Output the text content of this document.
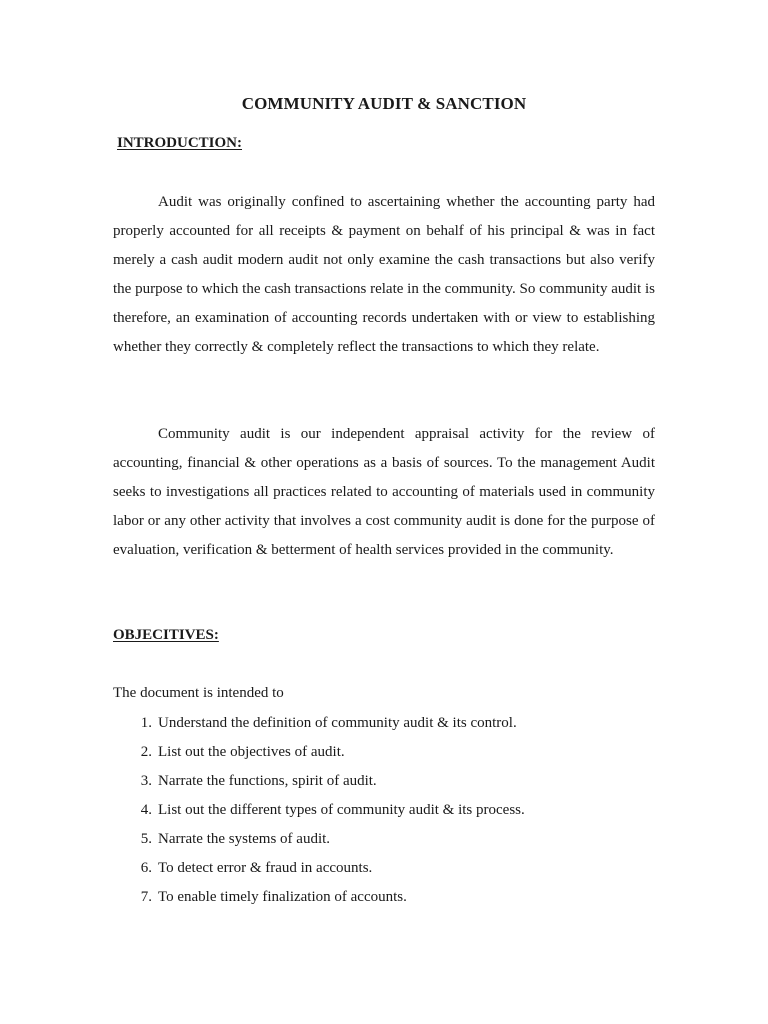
COMMUNITY AUDIT & SANCTION
INTRODUCTION:

Audit was originally confined to ascertaining whether the accounting party had properly accounted for all receipts & payment on behalf of his principal & was in fact merely a cash audit modern audit not only examine the cash transactions but also verify the purpose to which the cash transactions relate in the community. So community audit is therefore, an examination of accounting records undertaken with or view to establishing whether they correctly & completely reflect the transactions to which they relate.

Community audit is our independent appraisal activity for the review of accounting, financial & other operations as a basis of sources. To the management Audit seeks to investigations all practices related to accounting of materials used in community labor or any other activity that involves a cost community audit is done for the purpose of evaluation, verification & betterment of health services provided in the community.

OBJECITIVES:

The document is intended to

1. Understand the definition of community audit & its control.
2. List out the objectives of audit.
3. Narrate the functions, spirit of audit.
4. List out the different types of community audit & its process.
5. Narrate the systems of audit.
6. To detect error & fraud in accounts.
7. To enable timely finalization of accounts.
